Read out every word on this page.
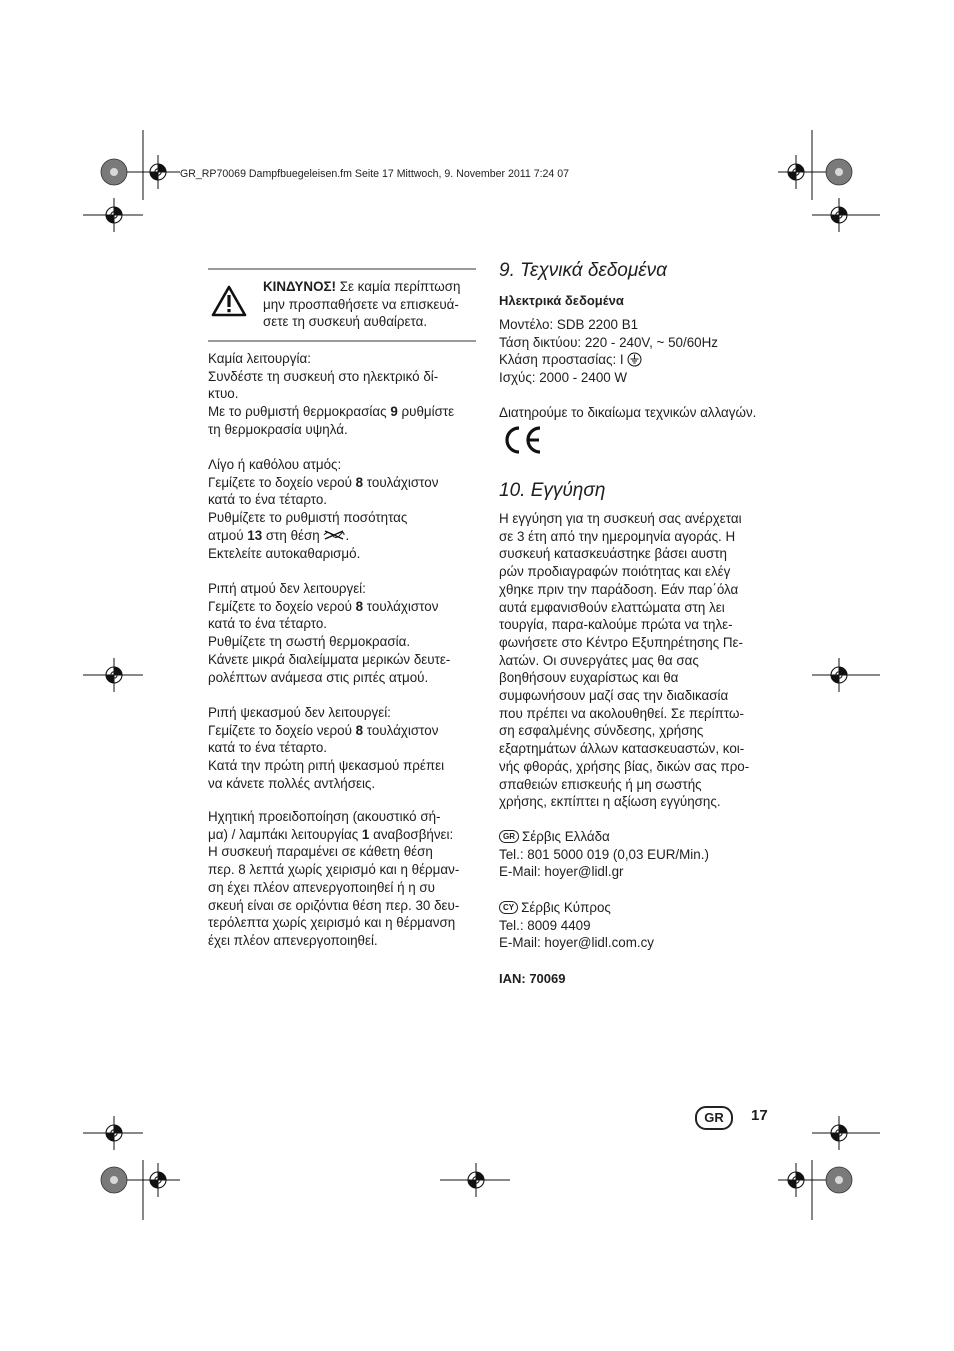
GR_RP70069 Dampfbuegeleisen.fm Seite 17 Mittwoch, 9. November 2011 7:24 07
ΚΙΝΔΥΝΟΣ! Σε καμία περίπτωση
μην προσπαθήσετε να επισκευά-
σετε τη συσκευή αυθαίρετα.
Καμία λειτουργία:
Συνδέστε τη συσκευή στο ηλεκτρικό δί-
κτυο.
Με το ρυθμιστή θερμοκρασίας 9 ρυθμίστε
τη θερμοκρασία υψηλά.
Λίγο ή καθόλου ατμός:
Γεμίζετε το δοχείο νερού 8 τουλάχιστον
κατά το ένα τέταρτο.
Ρυθμίζετε το ρυθμιστή ποσότητας
ατμού 13 στη θέση .
Εκτελείτε αυτοκαθαρισμό.
Ριπή ατμού δεν λειτουργεί:
Γεμίζετε το δοχείο νερού 8 τουλάχιστον
κατά το ένα τέταρτο.
Ρυθμίζετε τη σωστή θερμοκρασία.
Κάνετε μικρά διαλείμματα μερικών δευτε-
ρολέπτων ανάμεσα στις ριπές ατμού.
Ριπή ψεκασμού δεν λειτουργεί:
Γεμίζετε το δοχείο νερού 8 τουλάχιστον
κατά το ένα τέταρτο.
Κατά την πρώτη ριπή ψεκασμού πρέπει
να κάνετε πολλές αντλήσεις.
Ηχητική προειδοποίηση (ακουστικό σή-
μα) / λαμπάκι λειτουργίας 1 αναβοσβήνει:
Η συσκευή παραμένει σε κάθετη θέση
περ. 8 λεπτά χωρίς χειρισμό και η θέρμαν-
ση έχει πλέον απενεργοποιηθεί ή η συ
σκευή είναι σε οριζόντια θέση περ. 30 δευ-
τερόλεπτα χωρίς χειρισμό και η θέρμανση
έχει πλέον απενεργοποιηθεί.
9. Τεχνικά δεδομένα
Ηλεκτρικά δεδομένα
Μοντέλο: SDB 2200 B1
Τάση δικτύου: 220 - 240V, ~ 50/60Hz
Κλάση προστασίας: I
Ισχύς: 2000 - 2400 W
Διατηρούμε το δικαίωμα τεχνικών αλλαγών.
10. Εγγύηση
Η εγγύηση για τη συσκευή σας ανέρχεται
σε 3 έτη από την ημερομηνία αγοράς. Η
συσκευή κατασκευάστηκε βάσει αυστη
ρών προδιαγραφών ποιότητας και ελέγ
χθηκε πριν την παράδοση. Εάν παρ΄όλα
αυτά εμφανισθούν ελαττώματα στη λει
τουργία, παρα-καλούμε πρώτα να τηλε-
φωνήσετε στο Κέντρο Εξυπηρέτησης Πε-
λατών. Οι συνεργάτες μας θα σας
βοηθήσουν ευχαρίστως και θα
συμφωνήσουν μαζί σας την διαδικασία
που πρέπει να ακολουθηθεί. Σε περίπτω-
ση εσφαλμένης σύνδεσης, χρήσης
εξαρτημάτων άλλων κατασκευαστών, κοι-
νής φθοράς, χρήσης βίας, δικών σας προ-
σπαθειών επισκευής ή μη σωστής
χρήσης, εκπίπτει η αξίωση εγγύησης.
GR Σέρβις Ελλάδα
Tel.: 801 5000 019 (0,03 EUR/Min.)
E-Mail: hoyer@lidl.gr
CY Σέρβις Κύπρος
Tel.: 8009 4409
E-Mail: hoyer@lidl.com.cy
IAN: 70069
GR	17
